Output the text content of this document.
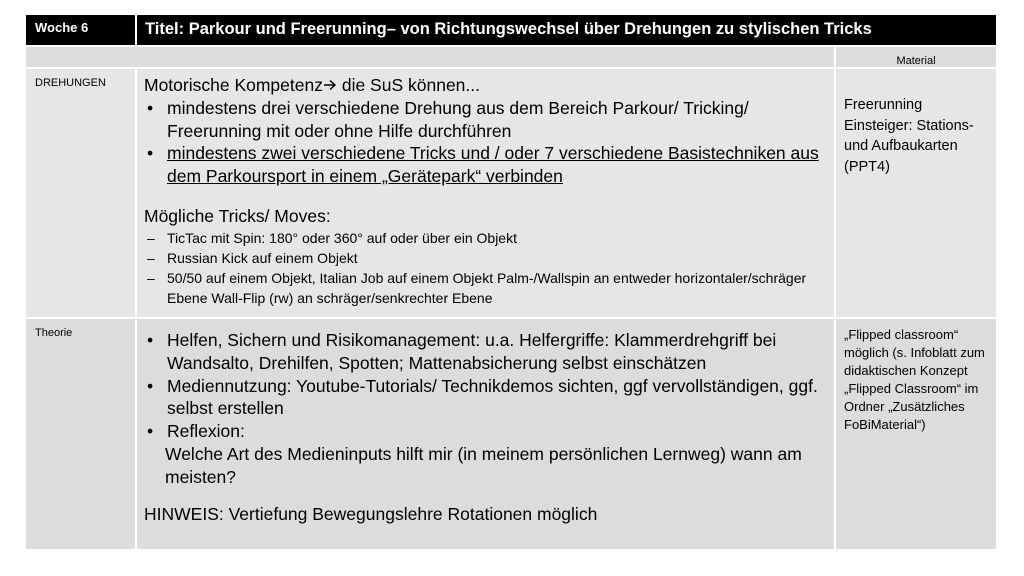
Woche 6	Titel: Parkour und Freerunning– von Richtungswechsel über Drehungen zu stylischen Tricks
Material
DREHUNGEN	Motorische Kompetenz die SuS können...
• mindestens drei verschiedene Drehung aus dem Bereich Parkour/ Tricking/ Freerunning mit oder ohne Hilfe durchführen
• mindestens zwei verschiedene Tricks und / oder 7 verschiedene Basistechniken aus dem Parkoursport in einem „Gerätepark“ verbinden
Mögliche Tricks/ Moves:
– TicTac mit Spin: 180° oder 360° auf oder über ein Objekt
– Russian Kick auf einem Objekt
– 50/50 auf einem Objekt, Italian Job auf einem Objekt Palm-/Wallspin an entweder horizontaler/schräger Ebene Wall-Flip (rw) an schräger/senkrechter Ebene
Freerunning Einsteiger: Stations- und Aufbaukarten (PPT4)
Theorie
•	Helfen, Sichern und Risikomanagement: u.a. Helfergriffe: Klammerdrehgriff bei Wandsalto, Drehilfen, Spotten; Mattenabsicherung selbst einschätzen
• Mediennutzung: Youtube-Tutorials/ Technikdemos sichten, ggf vervollständigen, ggf. selbst erstellen
• Reflexion:
Welche Art des Medieninputs hilft mir (in meinem persönlichen Lernweg) wann am meisten?
HINWEIS: Vertiefung Bewegungslehre Rotationen möglich
„Flipped classroom“ möglich (s. Infoblatt zum didaktischen Konzept „Flipped Classroom“ im Ordner „Zusätzliches FoBiMaterial“)
